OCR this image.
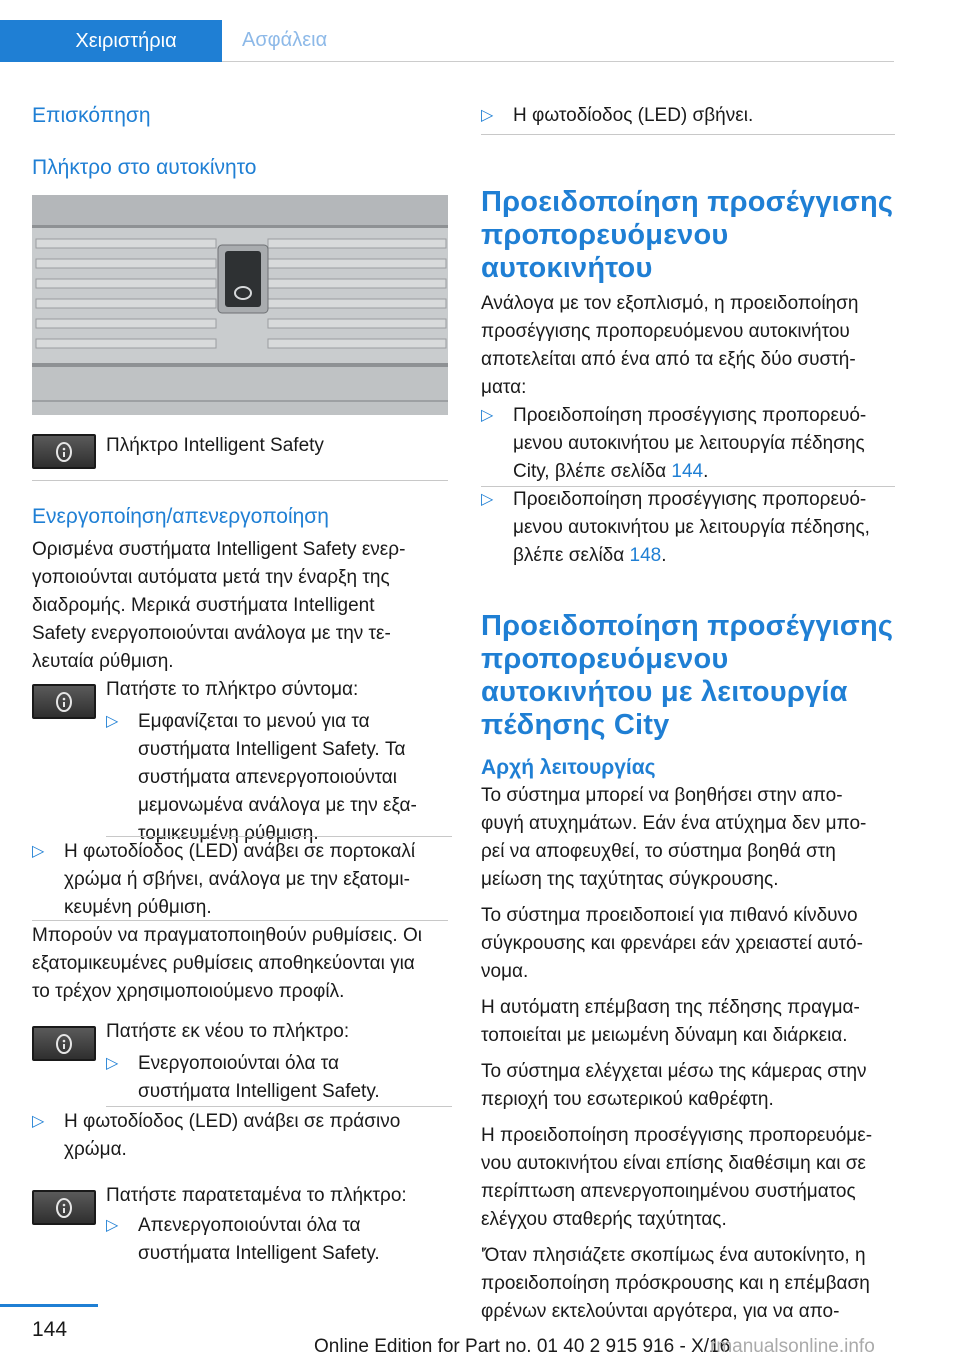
Χειριστήρια	Ασφάλεια
Επισκόπηση
Πλήκτρο στο αυτοκίνητο
Πλήκτρο Intelligent Safety
Ενεργοποίηση/απενεργοποίηση
Ορισμένα συστήματα Intelligent Safety ενερ‐
γοποιούνται αυτόματα μετά την έναρξη της
διαδρομής. Μερικά συστήματα Intelligent
Safety ενεργοποιούνται ανάλογα με την τε‐
λευταία ρύθμιση.
Πατήστε το πλήκτρο σύντομα:
▷	Εμφανίζεται το μενού για τα
συστήματα Intelligent Safety. Τα
συστήματα απενεργοποιούνται
μεμονωμένα ανάλογα με την εξα‐
τομικευμένη ρύθμιση.
▷	Η φωτοδίοδος (LED) ανάβει σε πορτοκαλί
χρώμα ή σβήνει, ανάλογα με την εξατομι‐
κευμένη ρύθμιση.
Μπορούν να πραγματοποιηθούν ρυθμίσεις. Οι
εξατομικευμένες ρυθμίσεις αποθηκεύονται για
το τρέχον χρησιμοποιούμενο προφίλ.
Πατήστε εκ νέου το πλήκτρο:
▷	Ενεργοποιούνται όλα τα
συστήματα Intelligent Safety.
▷	Η φωτοδίοδος (LED) ανάβει σε πράσινο
χρώμα.
Πατήστε παρατεταμένα το πλήκτρο:
▷	Απενεργοποιούνται όλα τα
συστήματα Intelligent Safety.
▷	Η φωτοδίοδος (LED) σβήνει.
Προειδοποίηση προσέγγισης
προπορευόμενου
αυτοκινήτου
Ανάλογα με τον εξοπλισμό, η προειδοποίηση
προσέγγισης προπορευόμενου αυτοκινήτου
αποτελείται από ένα από τα εξής δύο συστή‐
ματα:
▷	Προειδοποίηση προσέγγισης προπορευό‐
μενου αυτοκινήτου με λειτουργία πέδησης
City, βλέπε σελίδα 144.
▷	Προειδοποίηση προσέγγισης προπορευό‐
μενου αυτοκινήτου με λειτουργία πέδησης,
βλέπε σελίδα 148.
Προειδοποίηση προσέγγισης
προπορευόμενου
αυτοκινήτου με λειτουργία
πέδησης City
Αρχή λειτουργίας
Το σύστημα μπορεί να βοηθήσει στην απο‐
φυγή ατυχημάτων. Εάν ένα ατύχημα δεν μπο‐
ρεί να αποφευχθεί, το σύστημα βοηθά στη
μείωση της ταχύτητας σύγκρουσης.
Το σύστημα προειδοποιεί για πιθανό κίνδυνο
σύγκρουσης και φρενάρει εάν χρειαστεί αυτό‐
νομα.
Η αυτόματη επέμβαση της πέδησης πραγμα‐
τοποιείται με μειωμένη δύναμη και διάρκεια.
Το σύστημα ελέγχεται μέσω της κάμερας στην
περιοχή του εσωτερικού καθρέφτη.
Η προειδοποίηση προσέγγισης προπορευόμε‐
νου αυτοκινήτου είναι επίσης διαθέσιμη και σε
περίπτωση απενεργοποιημένου συστήματος
ελέγχου σταθερής ταχύτητας.
'Όταν πλησιάζετε σκοπίμως ένα αυτοκίνητο, η
προειδοποίηση πρόσκρουσης και η επέμβαση
φρένων εκτελούνται αργότερα, για να απο‐
144
Online Edition for Part no. 01 40 2 915 916 - X/16
rmanualsonline.info
